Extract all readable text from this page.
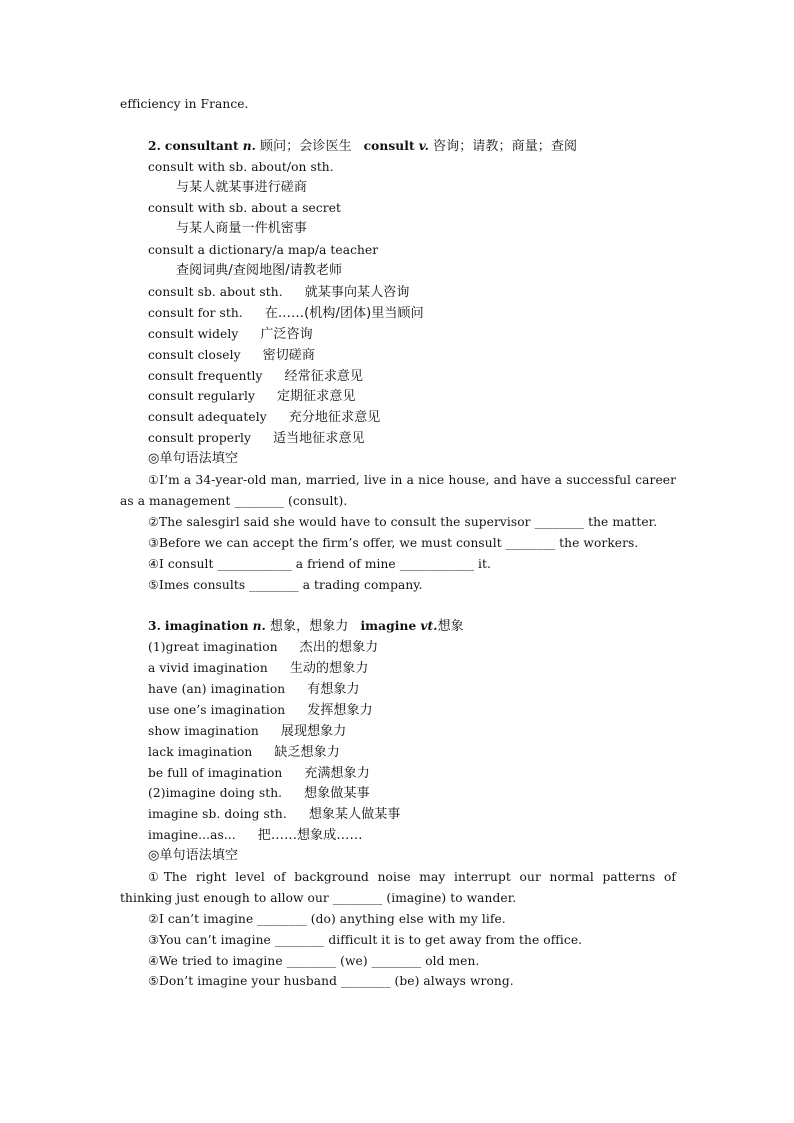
efficiency in France.
2. consultant n. 顾问；会诊医生 consult v. 咨询；请教；商量；查阅
consult with sb. about/on sth.
与某人就某事进行磋商
consult with sb. about a secret
与某人商量一件机密事
consult a dictionary/a map/a teacher
查阅词典/查阅地图/请教老师
consult sb. about sth. 就某事向某人咨询
consult for sth. 在……(机构/团体)里当顾问
consult widely 广泛咨询
consult closely 密切磋商
consult frequently 经常征求意见
consult regularly 定期征求意见
consult adequately 充分地征求意见
consult properly 适当地征求意见
◎单句语法填空
①I’m a 34-year-old man, married, live in a nice house, and have a successful career as a management ________ (consult).
②The salesgirl said she would have to consult the supervisor ________ the matter.
③Before we can accept the firm’s offer, we must consult ________ the workers.
④I consult ____________ a friend of mine ____________ it.
⑤Imes consults ________ a trading company.
3. imagination n. 想象，想象力 imagine vt.想象
(1)great imagination 杰出的想象力
a vivid imagination 生动的想象力
have (an) imagination 有想象力
use one’s imagination 发挥想象力
show imagination 展现想象力
lack imagination 缺乏想象力
be full of imagination 充满想象力
(2)imagine doing sth. 想象做某事
imagine sb. doing sth. 想象某人做某事
imagine...as... 把……想象成……
◎单句语法填空
①The right level of background noise may interrupt our normal patterns of thinking just enough to allow our ________ (imagine) to wander.
②I can’t imagine ________ (do) anything else with my life.
③You can’t imagine ________ difficult it is to get away from the office.
④We tried to imagine ________ (we) ________ old men.
⑤Don’t imagine your husband ________ (be) always wrong.
